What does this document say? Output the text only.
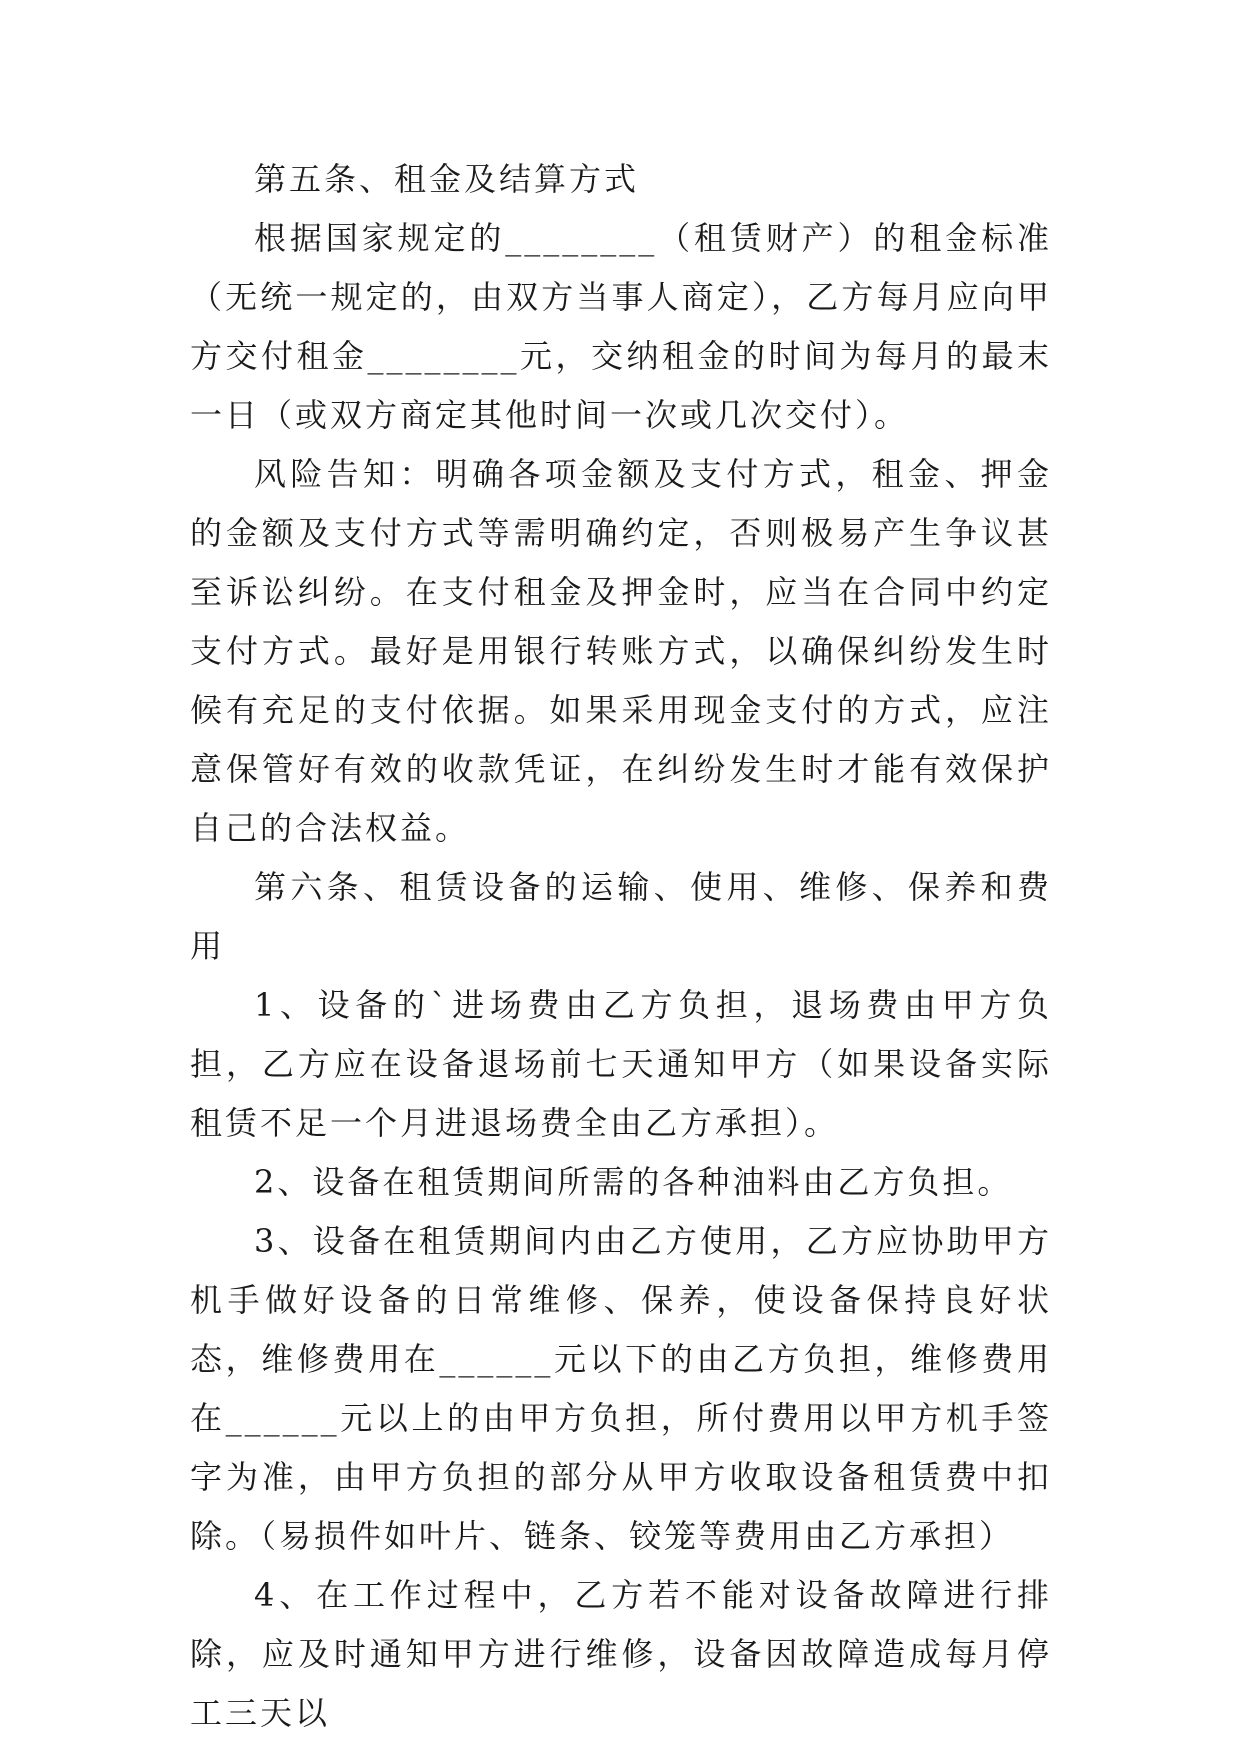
第五条、租金及结算方式

根据国家规定的________（租赁财产）的租金标准（无统一规定的，由双方当事人商定），乙方每月应向甲方交付租金________元，交纳租金的时间为每月的最末一日（或双方商定其他时间一次或几次交付）。

风险告知：明确各项金额及支付方式，租金、押金的金额及支付方式等需明确约定，否则极易产生争议甚至诉讼纠纷。在支付租金及押金时，应当在合同中约定支付方式。最好是用银行转账方式，以确保纠纷发生时候有充足的支付依据。如果采用现金支付的方式，应注意保管好有效的收款凭证，在纠纷发生时才能有效保护自己的合法权益。

第六条、租赁设备的运输、使用、维修、保养和费用

1、设备的`进场费由乙方负担，退场费由甲方负担，乙方应在设备退场前七天通知甲方（如果设备实际租赁不足一个月进退场费全由乙方承担）。

2、设备在租赁期间所需的各种油料由乙方负担。

3、设备在租赁期间内由乙方使用，乙方应协助甲方机手做好设备的日常维修、保养，使设备保持良好状态，维修费用在______元以下的由乙方负担，维修费用在______元以上的由甲方负担，所付费用以甲方机手签字为准，由甲方负担的部分从甲方收取设备租赁费中扣除。（易损件如叶片、链条、铰笼等费用由乙方承担）

4、在工作过程中，乙方若不能对设备故障进行排除，应及时通知甲方进行维修，设备因故障造成每月停工三天以
